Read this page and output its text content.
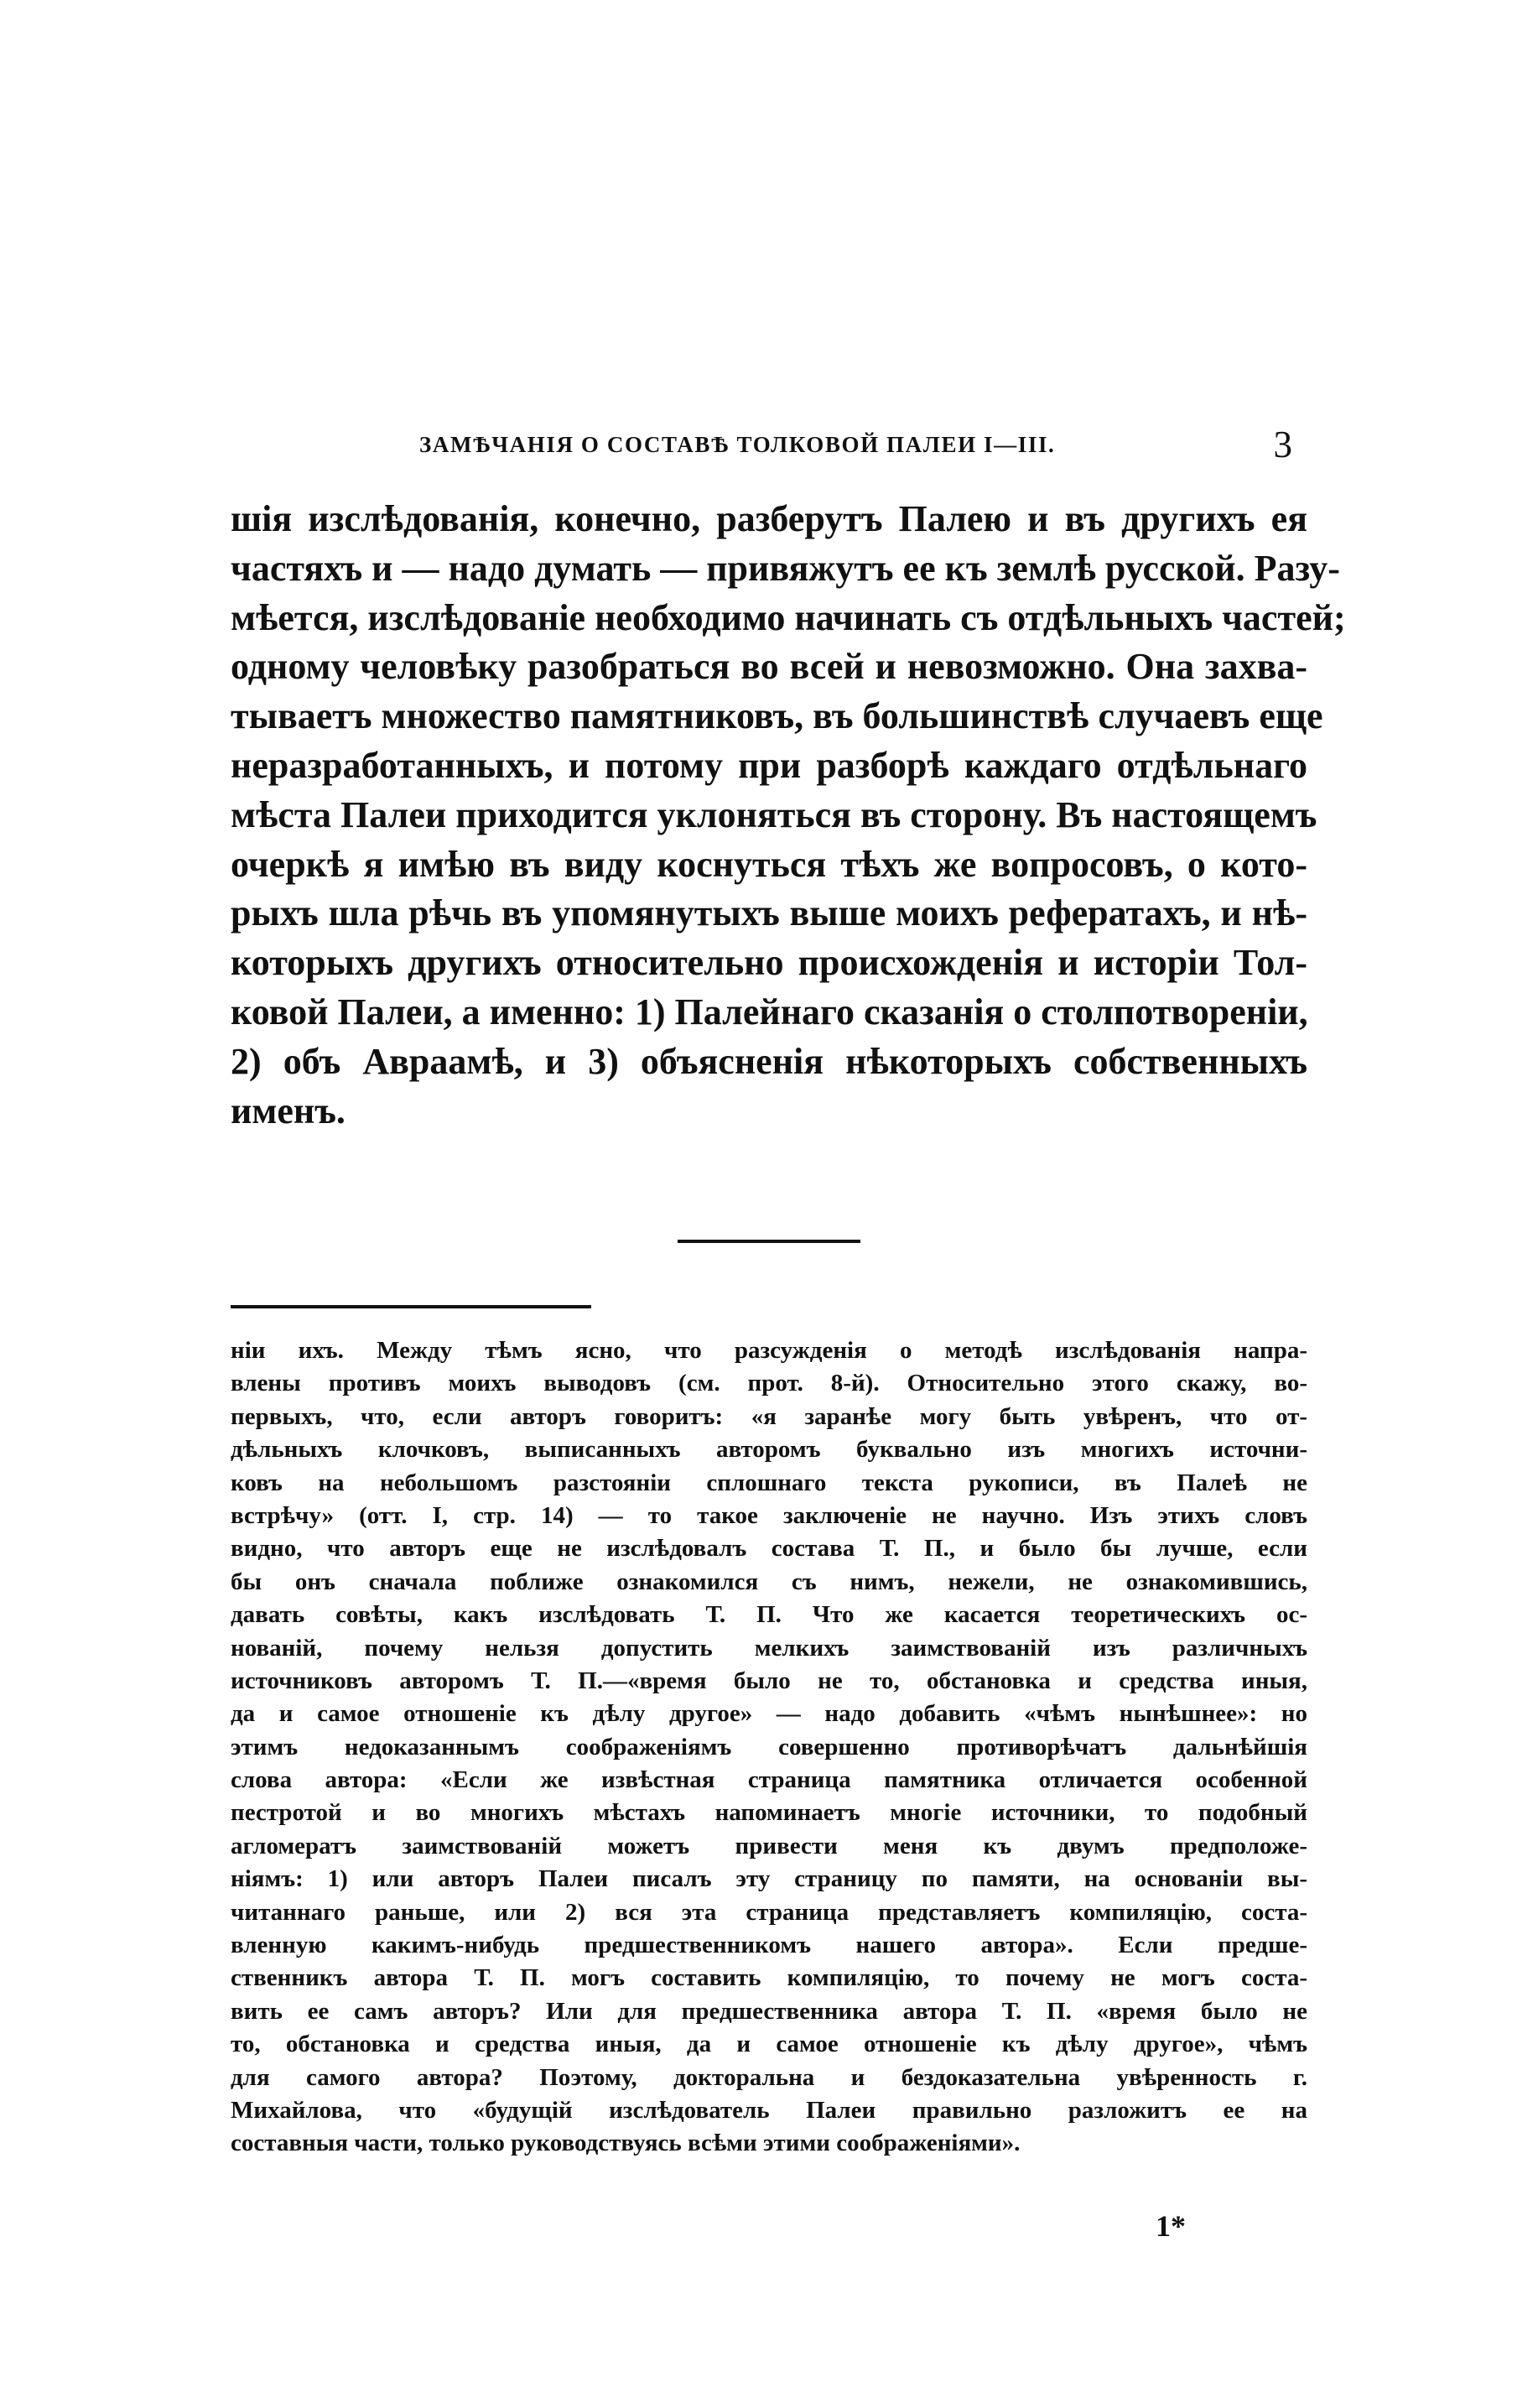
ЗАМѢЧАНІЯ О СОСТАВѢ ТОЛКОВОЙ ПАЛЕИ I—III.	3
шія изслѣдованія, конечно, разберутъ Палею и въ другихъ ея
частяхъ и — надо думать — привяжутъ ее къ землѣ русской. Разу-
мѣется, изслѣдованіе необходимо начинать съ отдѣльныхъ частей;
одному человѣку разобраться во всей и невозможно. Она захва-
тываетъ множество памятниковъ, въ большинствѣ случаевъ еще
неразработанныхъ, и потому при разборѣ каждаго отдѣльнаго
мѣста Палеи приходится уклоняться въ сторону. Въ настоящемъ
очеркѣ я имѣю въ виду коснуться тѣхъ же вопросовъ, о кото-
рыхъ шла рѣчь въ упомянутыхъ выше моихъ рефератахъ, и нѣ-
которыхъ другихъ относительно происхожденія и исторіи Тол-
ковой Палеи, а именно: 1) Палейнаго сказанія о столпотвореніи,
2) объ Авраамѣ, и 3) объясненія нѣкоторыхъ собственныхъ
именъ.
ніи ихъ. Между тѣмъ ясно, что разсужденія о методѣ изслѣдованія напра-
влены противъ моихъ выводовъ (см. прот. 8-й). Относительно этого скажу, во-
первыхъ, что, если авторъ говоритъ: «я заранѣе могу быть увѣренъ, что от-
дѣльныхъ клочковъ, выписанныхъ авторомъ буквально изъ многихъ источни-
ковъ на небольшомъ разстояніи сплошнаго текста рукописи, въ Палеѣ не
встрѣчу» (отт. I, стр. 14) — то такое заключеніе не научно. Изъ этихъ словъ
видно, что авторъ еще не изслѣдовалъ состава Т. П., и было бы лучше, если
бы онъ сначала поближе ознакомился съ нимъ, нежели, не ознакомившись,
давать совѣты, какъ изслѣдовать Т. П. Что же касается теоретическихъ ос-
нованій, почему нельзя допустить мелкихъ заимствованій изъ различныхъ
источниковъ авторомъ Т. П.—«время было не то, обстановка и средства иныя,
да и самое отношеніе къ дѣлу другое» — надо добавить «чѣмъ нынѣшнее»: но
этимъ недоказаннымъ соображеніямъ совершенно противорѣчатъ дальнѣйшія
слова автора: «Если же извѣстная страница памятника отличается особенной
пестротой и во многихъ мѣстахъ напоминаетъ многіе источники, то подобный
агломератъ заимствованій можетъ привести меня къ двумъ предположе-
ніямъ: 1) или авторъ Палеи писалъ эту страницу по памяти, на основаніи вы-
читаннаго раньше, или 2) вся эта страница представляетъ компиляцію, соста-
вленную какимъ-нибудь предшественникомъ нашего автора». Если предше-
ственникъ автора Т. П. могъ составить компиляцію, то почему не могъ соста-
вить ее самъ авторъ? Или для предшественника автора Т. П. «время было не
то, обстановка и средства иныя, да и самое отношеніе къ дѣлу другое», чѣмъ
для самого автора? Поэтому, доктoральна и бездоказательна увѣренность г.
Михайлова, что «будущій изслѣдователь Палеи правильно разложитъ ее на
составныя части, только руководствуясь всѣми этими соображеніями».
1*
